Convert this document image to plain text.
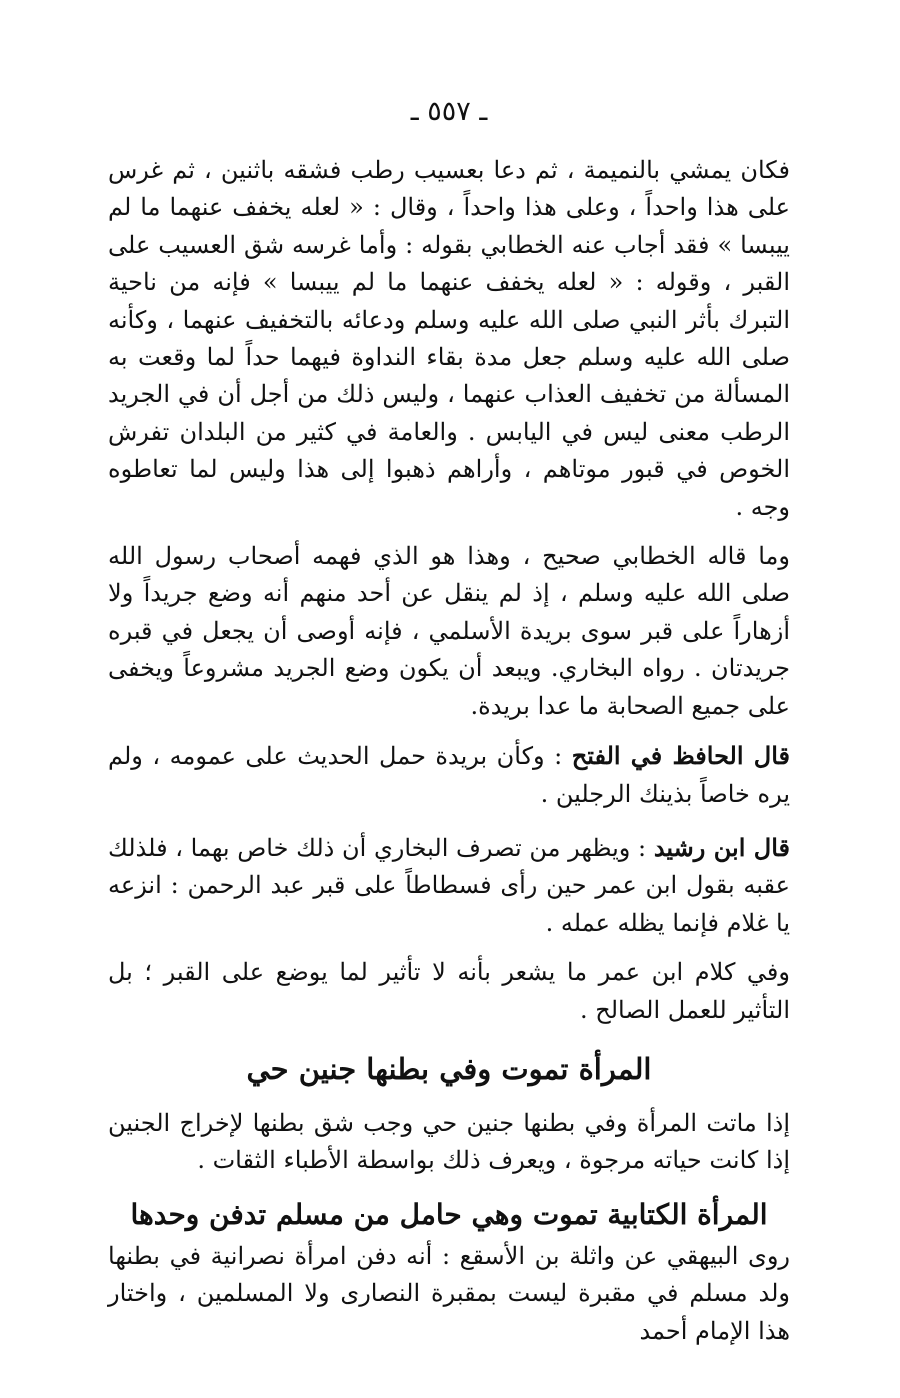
ـ ٥٥٧ ـ

فكان يمشي بالنميمة ، ثم دعا بعسيب رطب فشقه باثنين ، ثم غرس على هذا واحداً ، وعلى هذا واحداً ، وقال : « لعله يخفف عنهما ما لم ييبسا » فقد أجاب عنه الخطابي بقوله : وأما غرسه شق العسيب على القبر ، وقوله : « لعله يخفف عنهما ما لم ييبسا » فإنه من ناحية التبرك بأثر النبي صلى الله عليه وسلم ودعائه بالتخفيف عنهما ، وكأنه صلى الله عليه وسلم جعل مدة بقاء النداوة فيهما حداً لما وقعت به المسألة من تخفيف العذاب عنهما ، وليس ذلك من أجل أن في الجريد الرطب معنى ليس في اليابس . والعامة في كثير من البلدان تفرش الخوص في قبور موتاهم ، وأراهم ذهبوا إلى هذا وليس لما تعاطوه وجه .

وما قاله الخطابي صحيح ، وهذا هو الذي فهمه أصحاب رسول الله صلى الله عليه وسلم ، إذ لم ينقل عن أحد منهم أنه وضع جريداً ولا أزهاراً على قبر سوى بريدة الأسلمي ، فإنه أوصى أن يجعل في قبره جريدتان . رواه البخاري. ويبعد أن يكون وضع الجريد مشروعاً ويخفى على جميع الصحابة ما عدا بريدة.

قال الحافظ في الفتح : وكأن بريدة حمل الحديث على عمومه ، ولم يره خاصاً بذينك الرجلين .

قال ابن رشيد : ويظهر من تصرف البخاري أن ذلك خاص بهما ، فلذلك عقبه بقول ابن عمر حين رأى فسطاطاً على قبر عبد الرحمن : انزعه يا غلام فإنما يظله عمله .

وفي كلام ابن عمر ما يشعر بأنه لا تأثير لما يوضع على القبر ؛ بل التأثير للعمل الصالح .

المرأة تموت وفي بطنها جنين حي

إذا ماتت المرأة وفي بطنها جنين حي وجب شق بطنها لإخراج الجنين إذا كانت حياته مرجوة ، ويعرف ذلك بواسطة الأطباء الثقات .

المرأة الكتابية تموت وهي حامل من مسلم تدفن وحدها

روى البيهقي عن واثلة بن الأسقع : أنه دفن امرأة نصرانية في بطنها ولد مسلم في مقبرة ليست بمقبرة النصارى ولا المسلمين ، واختار هذا الإمام أحمد
